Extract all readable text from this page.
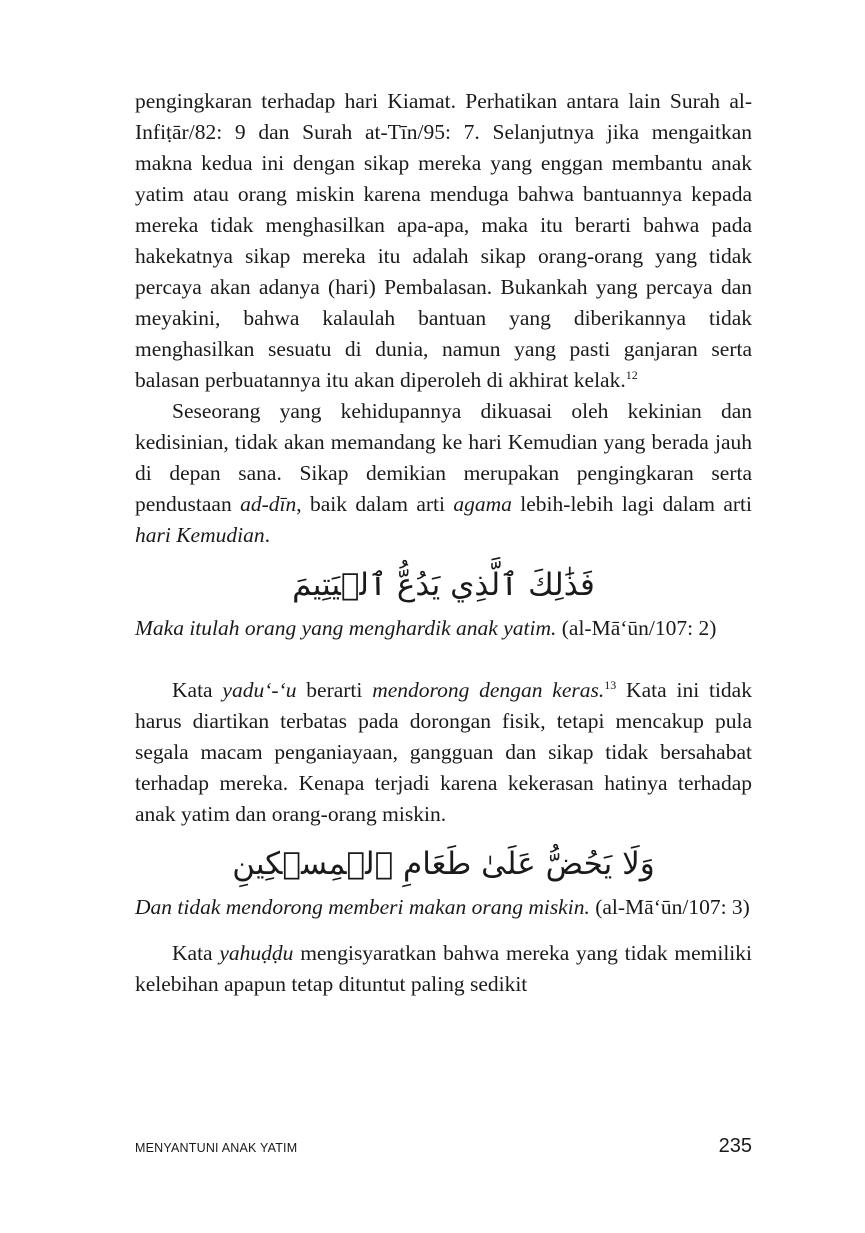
pengingkaran terhadap hari Kiamat. Perhatikan antara lain Surah al-Infiṭār/82: 9 dan Surah at-Tīn/95: 7. Selanjutnya jika mengaitkan makna kedua ini dengan sikap mereka yang enggan membantu anak yatim atau orang miskin karena menduga bahwa bantuannya kepada mereka tidak menghasilkan apa-apa, maka itu berarti bahwa pada hakekatnya sikap mereka itu adalah sikap orang-orang yang tidak percaya akan adanya (hari) Pembalasan. Bukankah yang percaya dan meyakini, bahwa kalaulah bantuan yang diberikannya tidak menghasilkan sesuatu di dunia, namun yang pasti ganjaran serta balasan perbuatannya itu akan diperoleh di akhirat kelak.$^{12}$

Seseorang yang kehidupannya dikuasai oleh kekinian dan kedisinian, tidak akan memandang ke hari Kemudian yang berada jauh di depan sana. Sikap demikian merupakan pengingkaran serta pendustaan ad-dīn, baik dalam arti agama lebih-lebih lagi dalam arti hari Kemudian.

فَذَٰلِكَ ٱلَّذِي يَدُعُّ ٱلۡيَتِيمَ

Maka itulah orang yang menghardik anak yatim. (al-Mā‘ūn/107: 2)

Kata yadu‘-‘u berarti mendorong dengan keras.$^{13}$ Kata ini tidak harus diartikan terbatas pada dorongan fisik, tetapi mencakup pula segala macam penganiayaan, gangguan dan sikap tidak bersahabat terhadap mereka. Kenapa terjadi karena kekerasan hatinya terhadap anak yatim dan orang-orang miskin.

وَلَا يَحُضُّ عَلَىٰ طَعَامِ ٱلۡمِسۡكِينِ

Dan tidak mendorong memberi makan orang miskin. (al-Mā‘ūn/107: 3)

Kata yahuḍḍu mengisyaratkan bahwa mereka yang tidak memiliki kelebihan apapun tetap dituntut paling sedikit

MENYANTUNI ANAK YATIM	235
